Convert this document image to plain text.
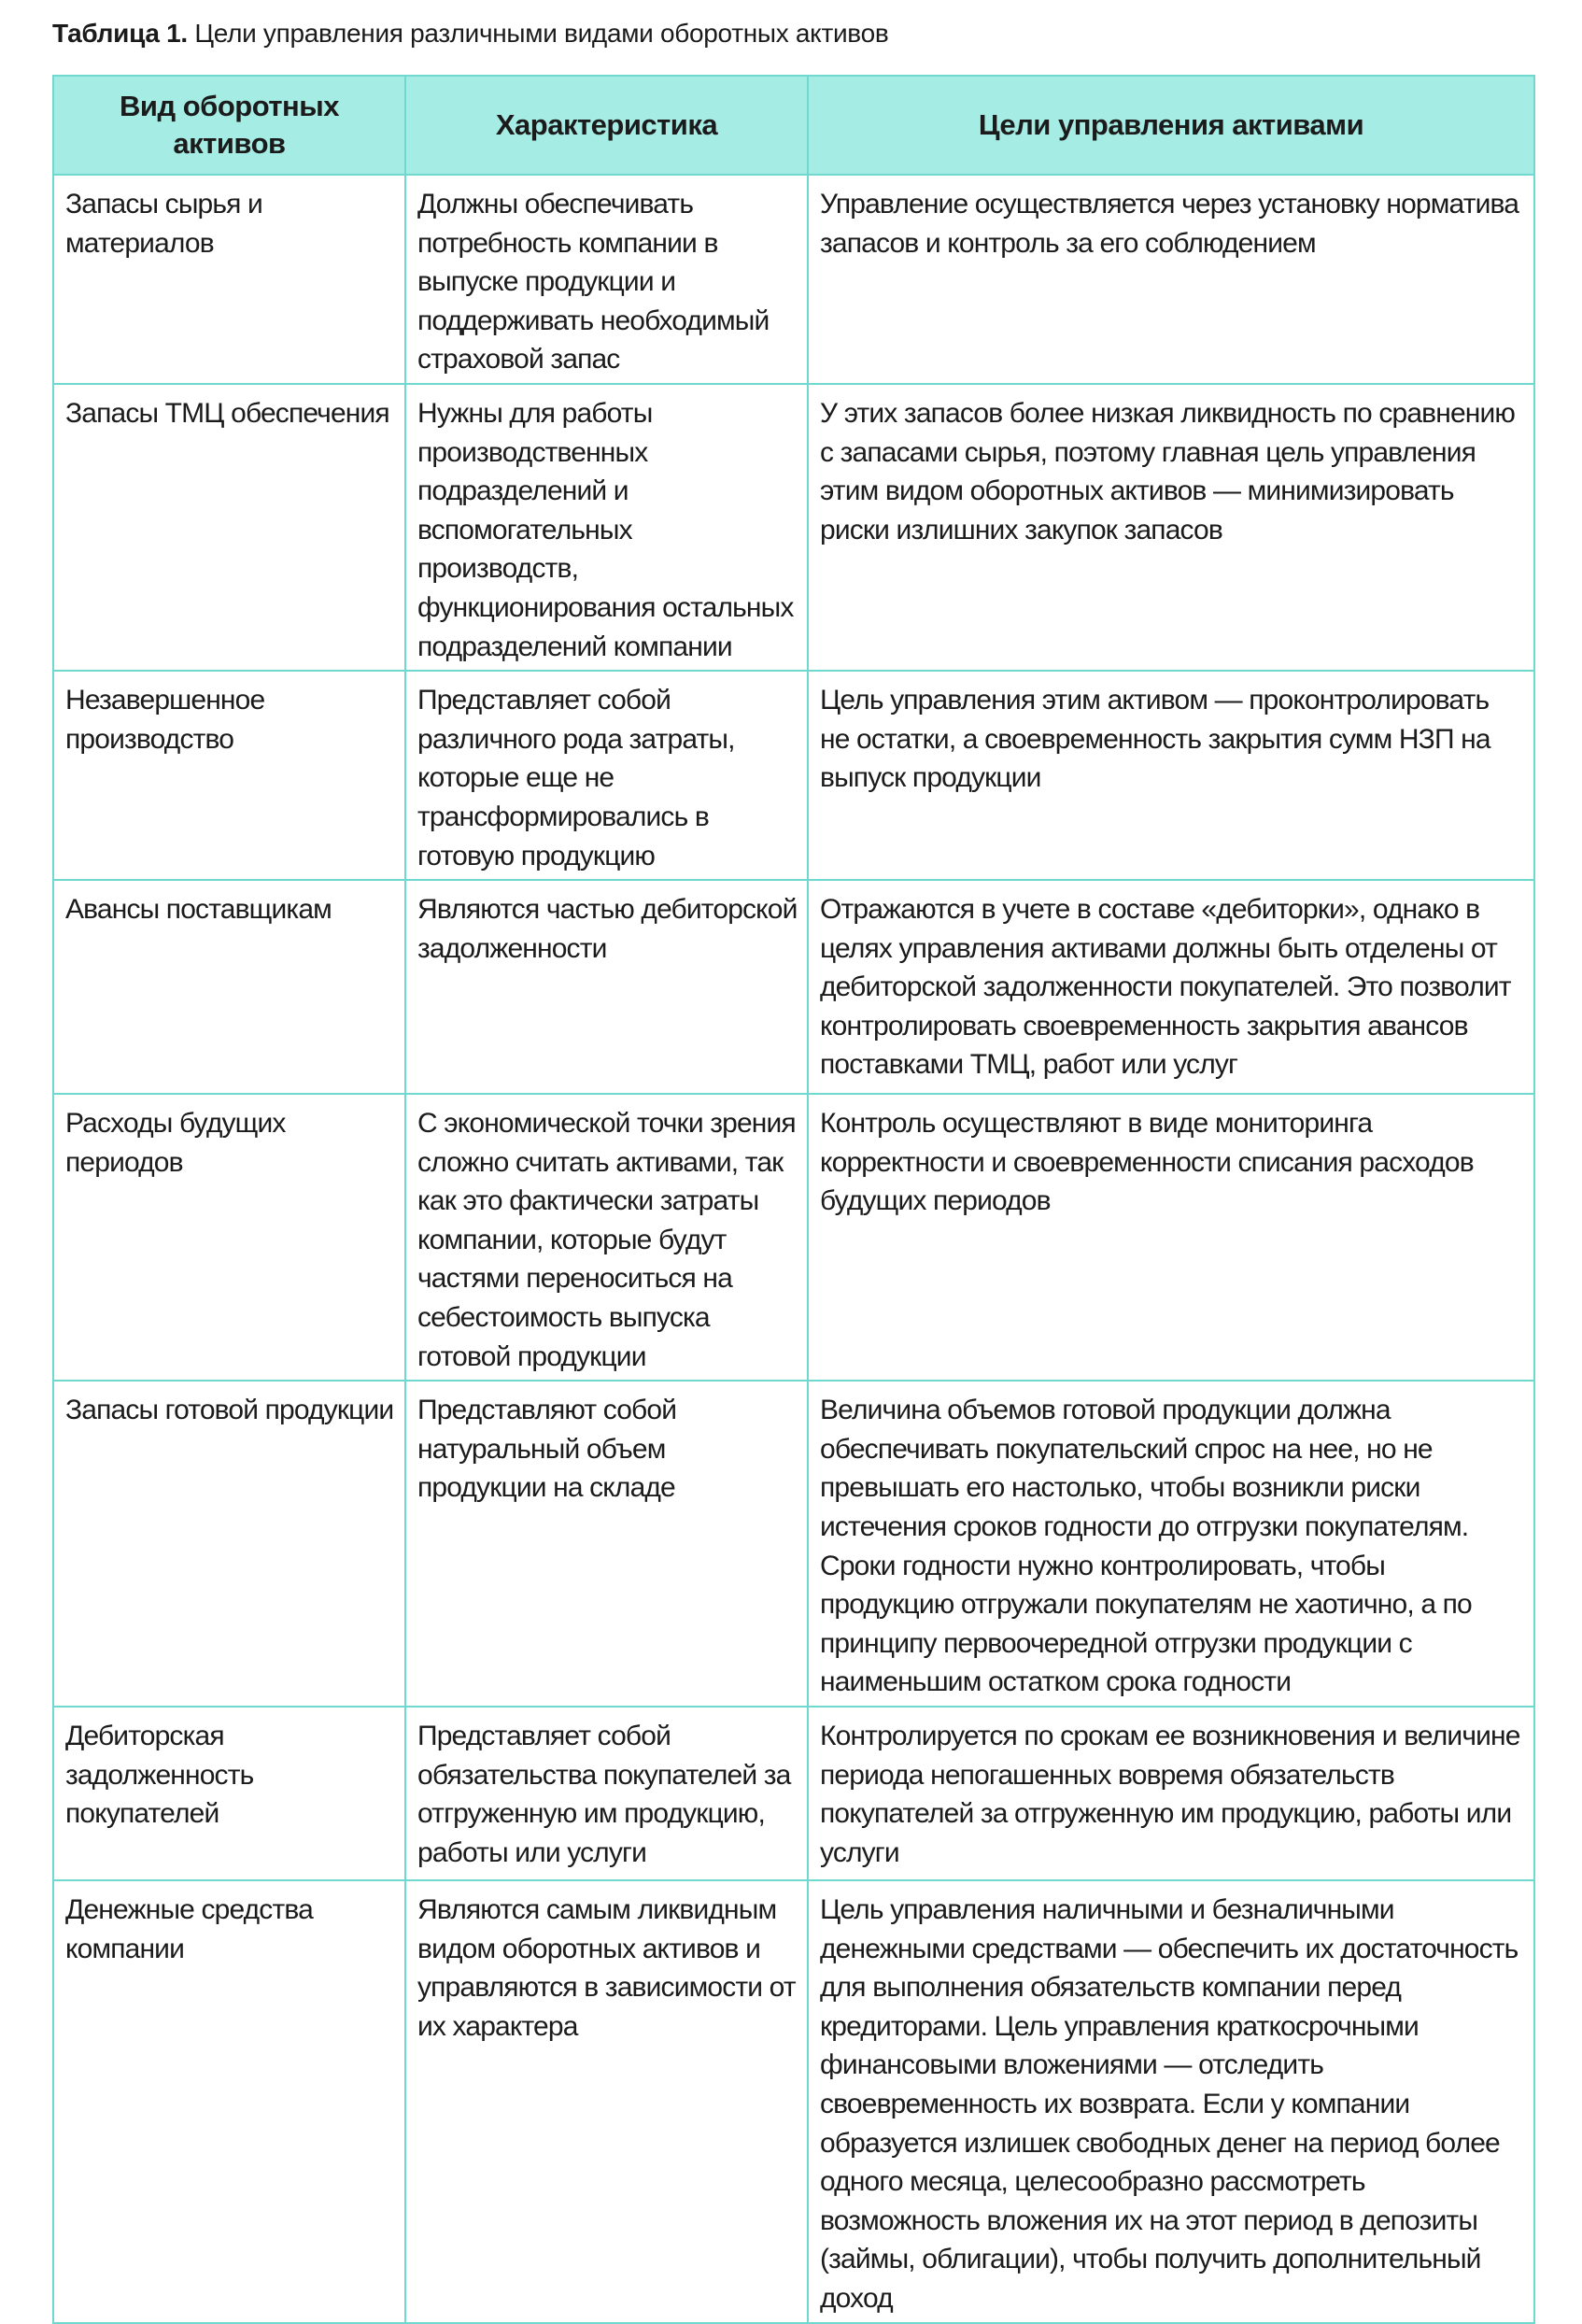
Таблица 1. Цели управления различными видами оборотных активов
Вид оборотных активов	Характеристика	Цели управления активами
Запасы сырья и материалов	Должны обеспечивать потребность компании в выпуске продукции и поддерживать необходимый страховой запас	Управление осуществляется через установку норматива запасов и контроль за его соблюдением
Запасы ТМЦ обеспечения	Нужны для работы производственных подразделений и вспомогательных производств, функционирования остальных подразделений компании	У этих запасов более низкая ликвидность по сравнению с запасами сырья, поэтому главная цель управления этим видом оборотных активов — минимизировать риски излишних закупок запасов
Незавершенное производство	Представляет собой различного рода затраты, которые еще не трансформировались в готовую продукцию	Цель управления этим активом — проконтролировать не остатки, а своевременность закрытия сумм НЗП на выпуск продукции
Авансы поставщикам	Являются частью дебиторской задолженности	Отражаются в учете в составе «дебиторки», однако в целях управления активами должны быть отделены от дебиторской задолженности покупателей. Это позволит контролировать своевременность закрытия авансов поставками ТМЦ, работ или услуг
Расходы будущих периодов	С экономической точки зрения сложно считать активами, так как это фактически затраты компании, которые будут частями переноситься на себестоимость выпуска готовой продукции	Контроль осуществляют в виде мониторинга корректности и своевременности списания расходов будущих периодов
Запасы готовой продукции	Представляют собой натуральный объем продукции на складе	Величина объемов готовой продукции должна обеспечивать покупательский спрос на нее, но не превышать его настолько, чтобы возникли риски истечения сроков годности до отгрузки покупателям. Сроки годности нужно контролировать, чтобы продукцию отгружали покупателям не хаотично, а по принципу первоочередной отгрузки продукции с наименьшим остатком срока годности
Дебиторская задолженность покупателей	Представляет собой обязательства покупателей за отгруженную им продукцию, работы или услуги	Контролируется по срокам ее возникновения и величине периода непогашенных вовремя обязательств покупателей за отгруженную им продукцию, работы или услуги
Денежные средства компании	Являются самым ликвидным видом оборотных активов и управляются в зависимости от их характера	Цель управления наличными и безналичными денежными средствами — обеспечить их достаточность для выполнения обязательств компании перед кредиторами. Цель управления краткосрочными финансовыми вложениями — отследить своевременность их возврата. Если у компании образуется излишек свободных денег на период более одного месяца, целесообразно рассмотреть возможность вложения их на этот период в депозиты (займы, облигации), чтобы получить дополнительный доход
